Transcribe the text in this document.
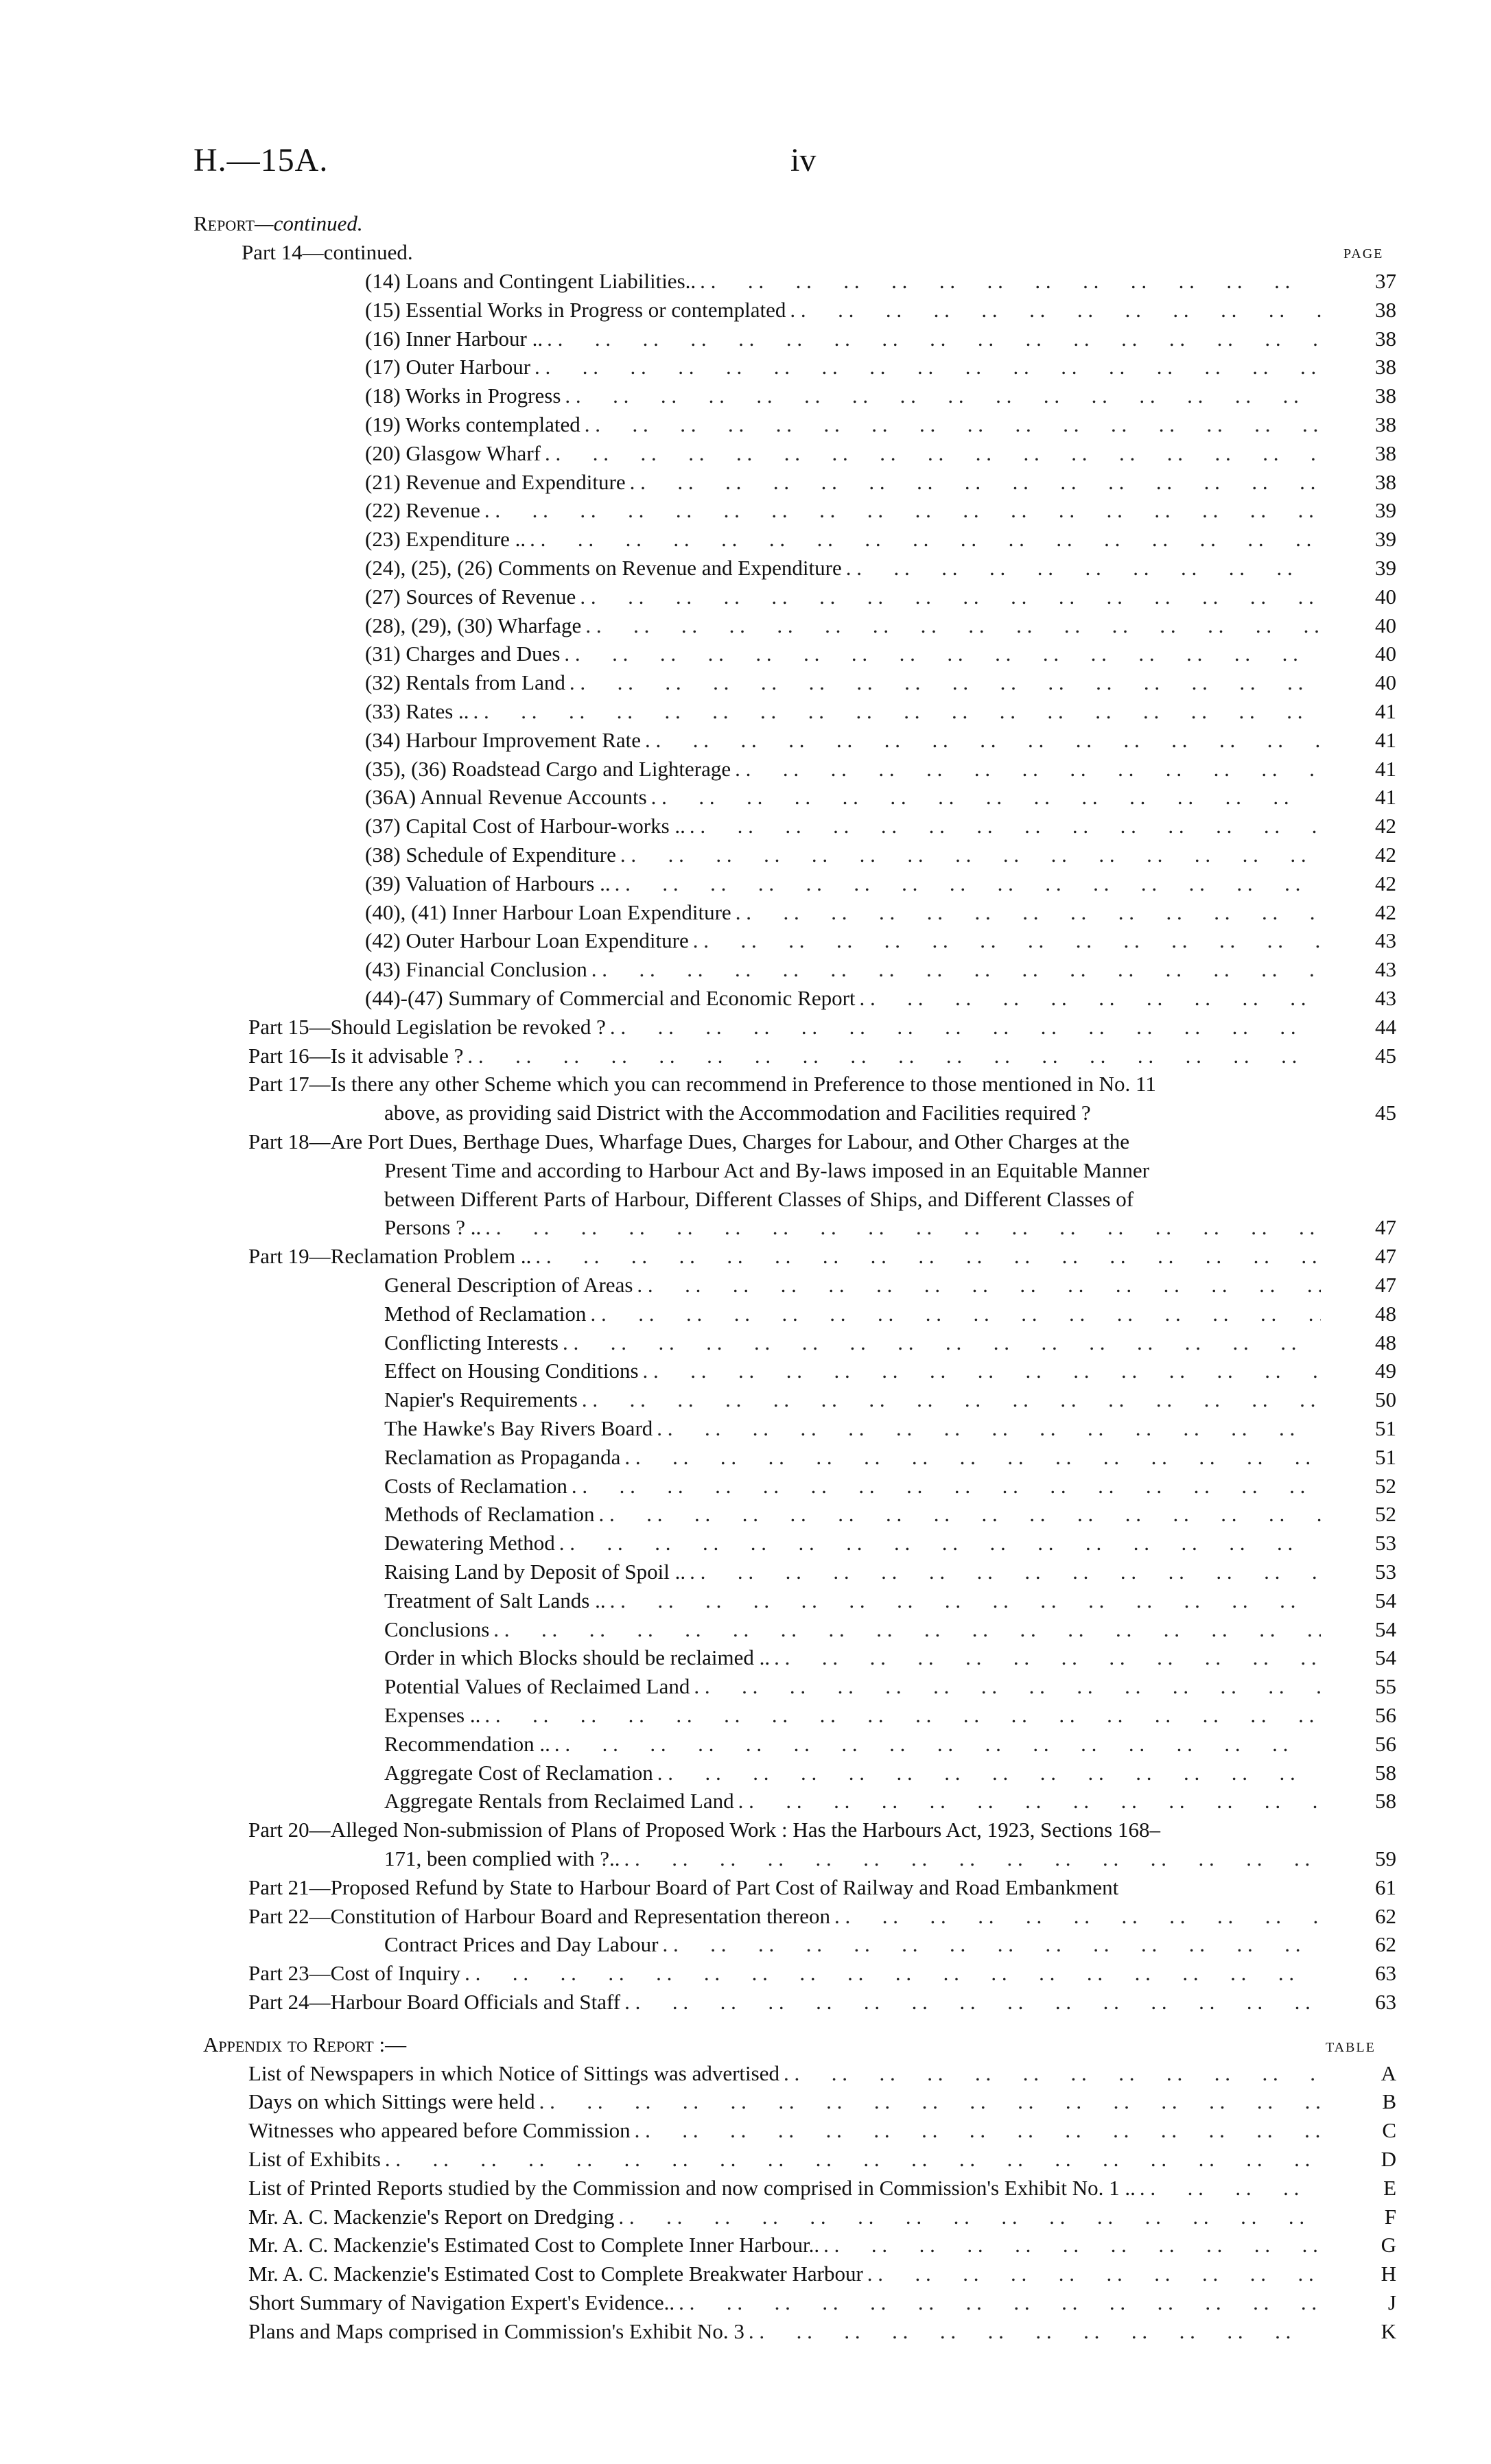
H.—15A.	iv
Report—continued.
Part 14—continued.	PAGE
(14) Loans and Contingent Liabilities.. . .	37
(15) Essential Works in Progress or contemplated . .	38
(16) Inner Harbour .. . .	38
(17) Outer Harbour . .	38
(18) Works in Progress . .	38
(19) Works contemplated . .	38
(20) Glasgow Wharf . .	38
(21) Revenue and Expenditure . .	38
(22) Revenue . .	39
(23) Expenditure .. . .	39
(24), (25), (26) Comments on Revenue and Expenditure . .	39
(27) Sources of Revenue . .	40
(28), (29), (30) Wharfage . .	40
(31) Charges and Dues . .	40
(32) Rentals from Land . .	40
(33) Rates .. . .	41
(34) Harbour Improvement Rate . .	41
(35), (36) Roadstead Cargo and Lighterage . .	41
(36A) Annual Revenue Accounts . .	41
(37) Capital Cost of Harbour-works .. . .	42
(38) Schedule of Expenditure . .	42
(39) Valuation of Harbours .. . .	42
(40), (41) Inner Harbour Loan Expenditure . .	42
(42) Outer Harbour Loan Expenditure . .	43
(43) Financial Conclusion . .	43
(44)-(47) Summary of Commercial and Economic Report . .	43
Part 15—Should Legislation be revoked ? . .	44
Part 16—Is it advisable ? . .	45
Part 17—Is there any other Scheme which you can recommend in Preference to those mentioned in No. 11
above, as providing said District with the Accommodation and Facilities required ?	45
Part 18—Are Port Dues, Berthage Dues, Wharfage Dues, Charges for Labour, and Other Charges at the
Present Time and according to Harbour Act and By-laws imposed in an Equitable Manner
between Different Parts of Harbour, Different Classes of Ships, and Different Classes of
Persons ? .. . .	47
Part 19—Reclamation Problem .. . .	47
General Description of Areas . .	47
Method of Reclamation . .	48
Conflicting Interests . .	48
Effect on Housing Conditions . .	49
Napier's Requirements . .	50
The Hawke's Bay Rivers Board . .	51
Reclamation as Propaganda . .	51
Costs of Reclamation . .	52
Methods of Reclamation . .	52
Dewatering Method . .	53
Raising Land by Deposit of Spoil .. . .	53
Treatment of Salt Lands .. . .	54
Conclusions . .	54
Order in which Blocks should be reclaimed .. . .	54
Potential Values of Reclaimed Land . .	55
Expenses .. . .	56
Recommendation .. . .	56
Aggregate Cost of Reclamation . .	58
Aggregate Rentals from Reclaimed Land . .	58
Part 20—Alleged Non-submission of Plans of Proposed Work : Has the Harbours Act, 1923, Sections 168–
171, been complied with ?.. . .	59
Part 21—Proposed Refund by State to Harbour Board of Part Cost of Railway and Road Embankment	61
Part 22—Constitution of Harbour Board and Representation thereon . .	62
Contract Prices and Day Labour . .	62
Part 23—Cost of Inquiry . .	63
Part 24—Harbour Board Officials and Staff . .	63
Appendix to Report :—	TABLE
List of Newspapers in which Notice of Sittings was advertised . .	A
Days on which Sittings were held . .	B
Witnesses who appeared before Commission . .	C
List of Exhibits . .	D
List of Printed Reports studied by the Commission and now comprised in Commission's Exhibit No. 1 .. . .	E
Mr. A. C. Mackenzie's Report on Dredging . .	F
Mr. A. C. Mackenzie's Estimated Cost to Complete Inner Harbour.. . .	G
Mr. A. C. Mackenzie's Estimated Cost to Complete Breakwater Harbour . .	H
Short Summary of Navigation Expert's Evidence.. . .	J
Plans and Maps comprised in Commission's Exhibit No. 3 . .	K
